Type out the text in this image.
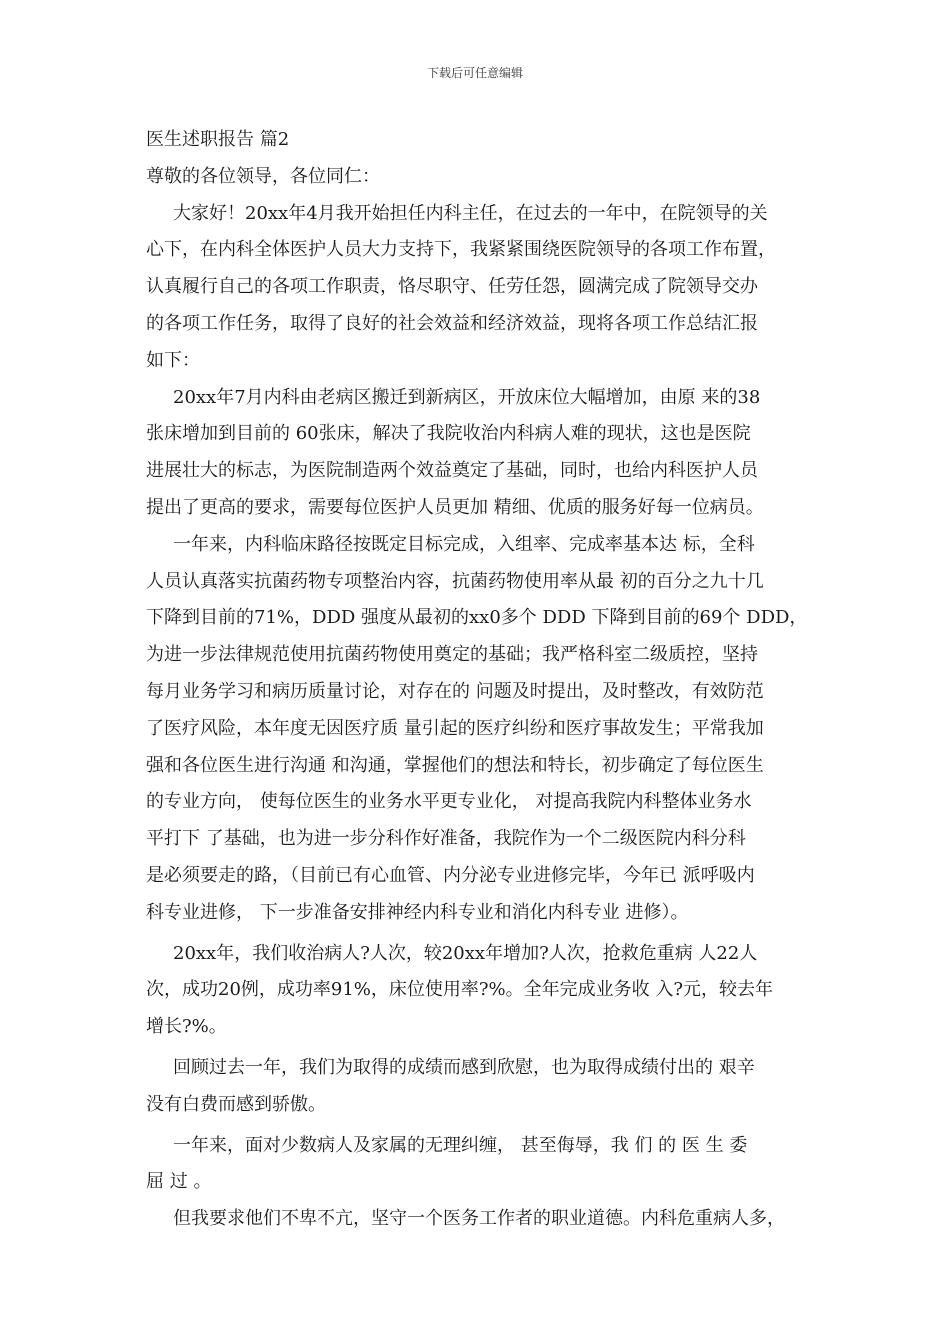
下载后可任意编辑
医生述职报告 篇2
尊敬的各位领导，各位同仁：
大家好！20xx年4月我开始担任内科主任，在过去的一年中，在院领导的关
心下，在内科全体医护人员大力支持下，我紧紧围绕医院领导的各项工作布置，
认真履行自己的各项工作职责，恪尽职守、任劳任怨，圆满完成了院领导交办
的各项工作任务，取得了良好的社会效益和经济效益，现将各项工作总结汇报
如下：
20xx年7月内科由老病区搬迁到新病区，开放床位大幅增加，由原 来的38
张床增加到目前的 60张床，解决了我院收治内科病人难的现状，这也是医院
进展壮大的标志，为医院制造两个效益奠定了基础，同时，也给内科医护人员
提出了更高的要求，需要每位医护人员更加 精细、优质的服务好每一位病员。
一年来，内科临床路径按既定目标完成，入组率、完成率基本达 标，全科
人员认真落实抗菌药物专项整治内容，抗菌药物使用率从最 初的百分之九十几
下降到目前的71%，DDD 强度从最初的xx0多个 DDD 下降到目前的69个 DDD，
为进一步法律规范使用抗菌药物使用奠定的基础；我严格科室二级质控，坚持
每月业务学习和病历质量讨论，对存在的 问题及时提出，及时整改，有效防范
了医疗风险，本年度无因医疗质 量引起的医疗纠纷和医疗事故发生；平常我加
强和各位医生进行沟通 和沟通，掌握他们的想法和特长，初步确定了每位医生
的专业方向， 使每位医生的业务水平更专业化， 对提高我院内科整体业务水
平打下 了基础，也为进一步分科作好准备，我院作为一个二级医院内科分科
是必须要走的路，（目前已有心血管、内分泌专业进修完毕，今年已 派呼吸内
科专业进修， 下一步准备安排神经内科专业和消化内科专业 进修）。
20xx年，我们收治病人?人次，较20xx年增加?人次，抢救危重病 人22人
次，成功20例，成功率91%，床位使用率?%。全年完成业务收 入?元，较去年
增长?%。
回顾过去一年，我们为取得的成绩而感到欣慰，也为取得成绩付出的 艰辛
没有白费而感到骄傲。
一年来，面对少数病人及家属的无理纠缠， 甚至侮辱，我 们 的 医 生 委
屈 过 。
但我要求他们不卑不亢，坚守一个医务工作者的职业道德。内科危重病人多，
